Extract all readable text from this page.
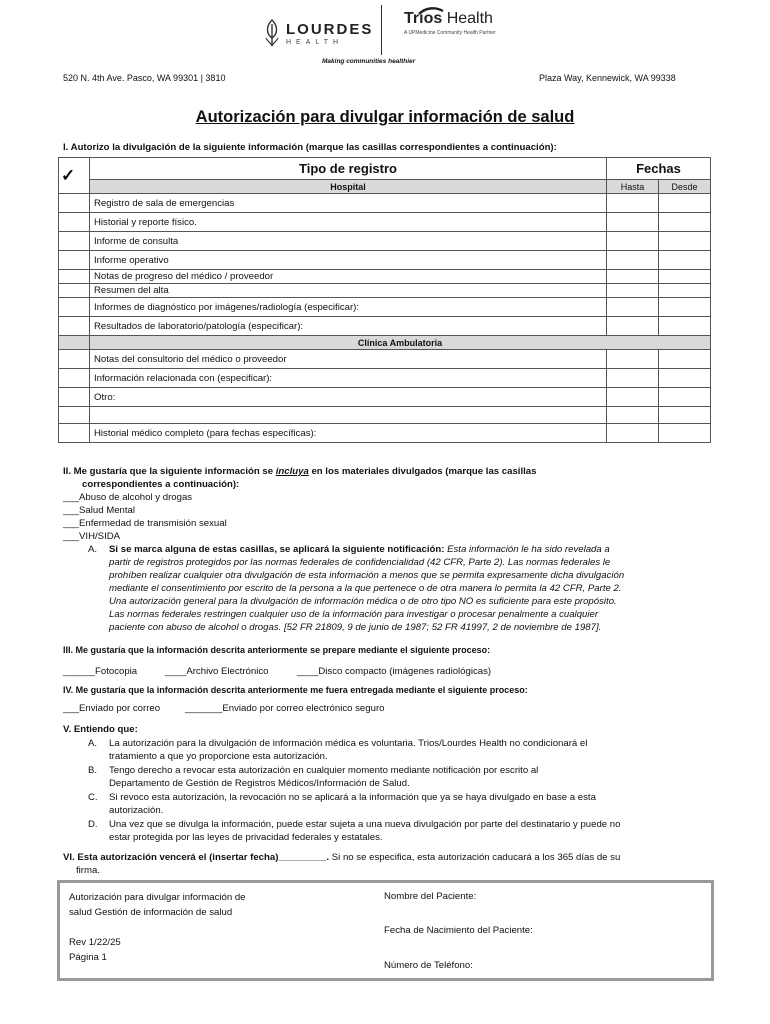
LOURDES
HEALTH
Trios Health
A UPMedicine Community Health Partner
Making communities healthier
520 N. 4th Ave. Pasco, WA 99301 | 3810	Plaza Way, Kennewick, WA 99338
Autorización para divulgar información de salud
I. Autorizo la divulgación de la siguiente información (marque las casillas correspondientes a continuación):
✓	Tipo de registro	Fechas	
	Hospital	Hasta	Desde
	Registro de sala de emergencias		
	Historial y reporte físico.		
	Informe de consulta		
	Informe operativo		
	Notas de progreso del médico / proveedor		
	Resumen del alta		
	Informes de diagnóstico por imágenes/radiología (especificar):		
	Resultados de laboratorio/patología (especificar):		
	Clínica Ambulatoria		
	Notas del consultorio del médico o proveedor		
	Información relacionada con (especificar):		
	Otro:		

	Historial médico completo (para fechas específicas):		
II. Me gustaría que la siguiente información se incluya en los materiales divulgados (marque las casillas
correspondientes a continuación):
___Abuso de alcohol y drogas
___Salud Mental
___Enfermedad de transmisión sexual
___VIH/SIDA
A. Si se marca alguna de estas casillas, se aplicará la siguiente notificación: Esta información le ha sido revelada a
partir de registros protegidos por las normas federales de confidencialidad (42 CFR, Parte 2). Las normas federales le
prohíben realizar cualquier otra divulgación de esta información a menos que se permita expresamente dicha divulgación
mediante el consentimiento por escrito de la persona a la que pertenece o de otra manera lo permita la 42 CFR, Parte 2.
Una autorización general para la divulgación de información médica o de otro tipo NO es suficiente para este propósito.
Las normas federales restringen cualquier uso de la información para investigar o procesar penalmente a cualquier
paciente con abuso de alcohol o drogas. [52 FR 21809, 9 de junio de 1987; 52 FR 41997, 2 de noviembre de 1987].
III. Me gustaría que la información descrita anteriormente se prepare mediante el siguiente proceso:
______Fotocopia	____Archivo Electrónico	____Disco compacto (imágenes radiológicas)
IV. Me gustaría que la información descrita anteriormente me fuera entregada mediante el siguiente proceso:
___Enviado por correo	_______Enviado por correo electrónico seguro
V. Entiendo que:
A. La autorización para la divulgación de información médica es voluntaria. Trios/Lourdes Health no condicionará el
tratamiento a que yo proporcione esta autorización.
B. Tengo derecho a revocar esta autorización en cualquier momento mediante notificación por escrito al
Departamento de Gestión de Registros Médicos/Información de Salud.
C. Si revoco esta autorización, la revocación no se aplicará a la información que ya se haya divulgado en base a esta
autorización.
D. Una vez que se divulga la información, puede estar sujeta a una nueva divulgación por parte del destinatario y puede no
estar protegida por las leyes de privacidad federales y estatales.
VI. Esta autorización vencerá el (insertar fecha)_________. Si no se especifica, esta autorización caducará a los 365 días de su
firma.
Autorización para divulgar información de
salud Gestión de información de salud
Rev 1/22/25
Página 1
Nombre del Paciente:
Fecha de Nacimiento del Paciente:
Número de Teléfono:
